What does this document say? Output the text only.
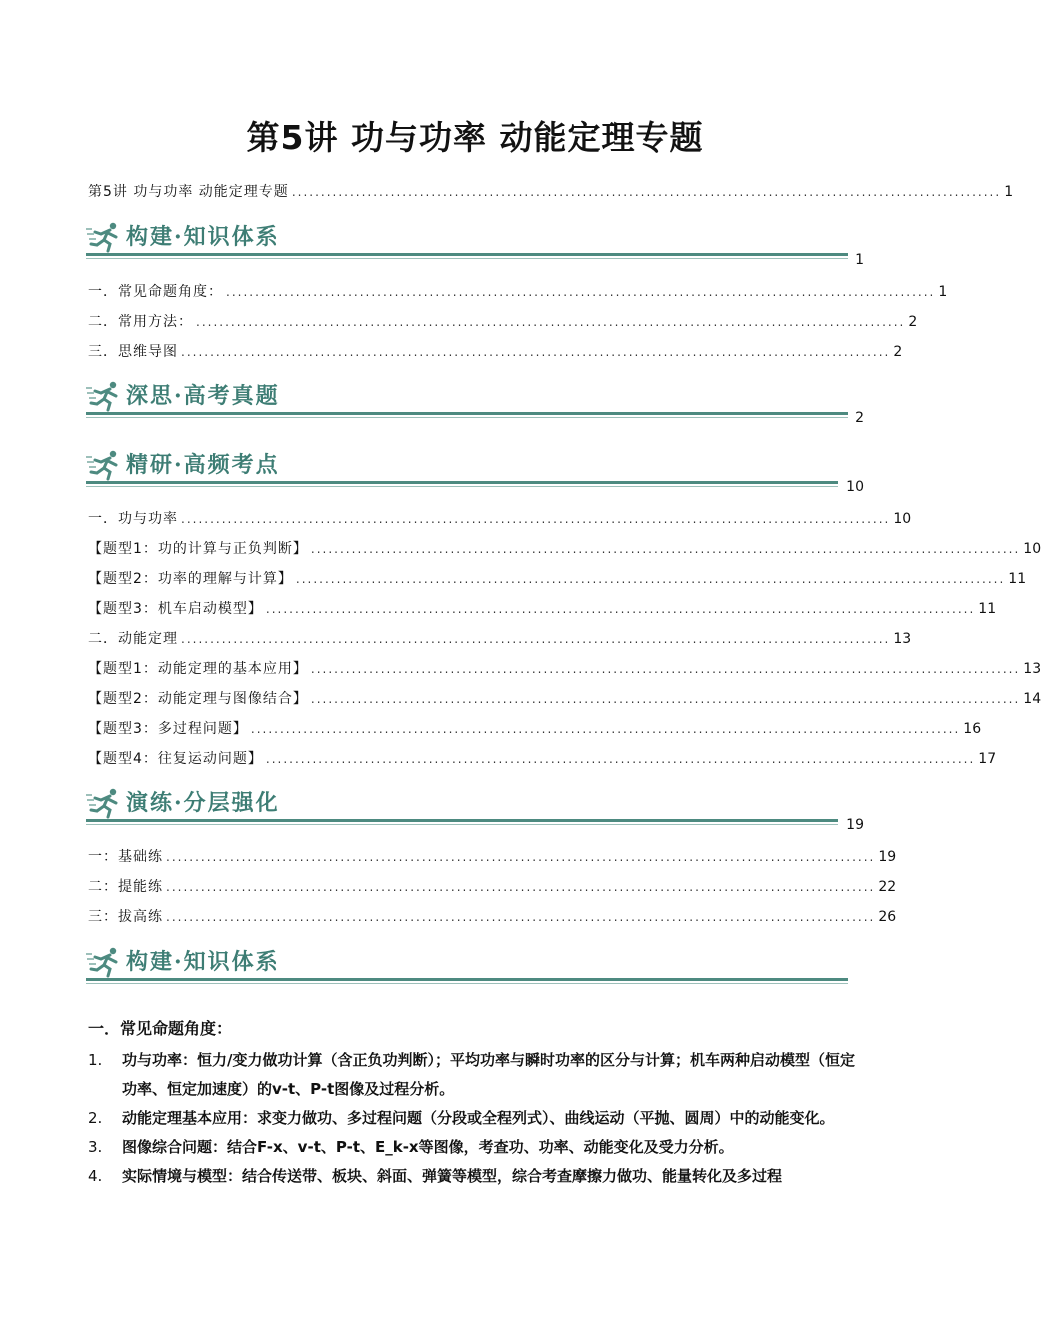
第5讲 功与功率 动能定理专题
第5讲 功与功率 动能定理专题 .......................................................................................................................... 1
构建·知识体系
1
一．常见命题角度： .......................................................................................................................... 1
二．常用方法： .......................................................................................................................... 2
三．思维导图 .......................................................................................................................... 2
深思·高考真题
2
精研·高频考点
10
一．功与功率 .......................................................................................................................... 10
【题型1：功的计算与正负判断】 .......................................................................................................................... 10
【题型2：功率的理解与计算】 .......................................................................................................................... 11
【题型3：机车启动模型】 .......................................................................................................................... 11
二．动能定理 .......................................................................................................................... 13
【题型1：动能定理的基本应用】 .......................................................................................................................... 13
【题型2：动能定理与图像结合】 .......................................................................................................................... 14
【题型3：多过程问题】 .......................................................................................................................... 16
【题型4：往复运动问题】 .......................................................................................................................... 17
演练·分层强化
19
一：基础练 .......................................................................................................................... 19
二：提能练 .......................................................................................................................... 22
三：拔高练 .......................................................................................................................... 26
构建·知识体系
一．常见命题角度：
1. 功与功率：恒力/变力做功计算（含正负功判断）；平均功率与瞬时功率的区分与计算；机车两种启动模型（恒定功率、恒定加速度）的v-t、P-t图像及过程分析。
2. 动能定理基本应用：求变力做功、多过程问题（分段或全程列式）、曲线运动（平抛、圆周）中的动能变化。
3. 图像综合问题：结合F-x、v-t、P-t、E_k-x等图像，考查功、功率、动能变化及受力分析。
4. 实际情境与模型：结合传送带、板块、斜面、弹簧等模型，综合考查摩擦力做功、能量转化及多过程
